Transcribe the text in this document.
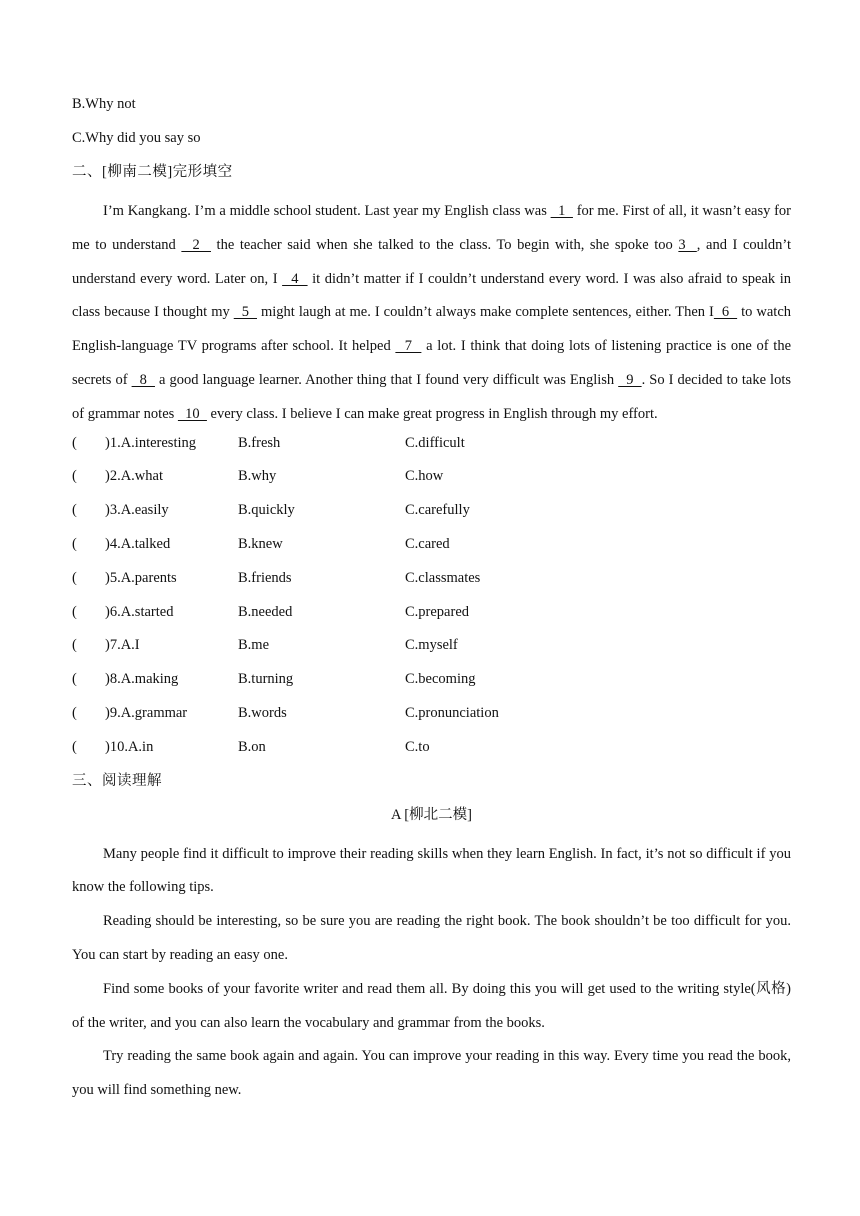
B.Why not
C.Why did you say so
二、[柳南二模]完形填空

I’m Kangkang. I’m a middle school student. Last year my English class was   1   for me. First of all, it wasn’t easy for me to understand   2   the teacher said when she talked to the class. To begin with, she spoke too 3  , and I couldn’t understand every word. Later on, I   4   it didn’t matter if I couldn’t understand every word. I was also afraid to speak in class because I thought my   5   might laugh at me. I couldn’t always make complete sentences, either. Then I  6   to watch English-language TV programs after school. It helped   7   a lot. I think that doing lots of listening practice is one of the secrets of   8   a good language learner. Another thing that I found very difficult was English   9  . So I decided to take lots of grammar notes   10   every class. I believe I can make great progress in English through my effort.

( )1.A.interesting	B.fresh	C.difficult
( )2.A.what	B.why	C.how
( )3.A.easily	B.quickly	C.carefully
( )4.A.talked	B.knew	C.cared
( )5.A.parents	B.friends	C.classmates
( )6.A.started	B.needed	C.prepared
( )7.A.I	B.me	C.myself
( )8.A.making	B.turning	C.becoming
( )9.A.grammar	B.words	C.pronunciation
( )10.A.in	B.on	C.to
三、阅读理解
A [柳北二模]

Many people find it difficult to improve their reading skills when they learn English. In fact, it’s not so difficult if you know the following tips.

Reading should be interesting, so be sure you are reading the right book. The book shouldn’t be too difficult for you. You can start by reading an easy one.

Find some books of your favorite writer and read them all. By doing this you will get used to the writing style(风格) of the writer, and you can also learn the vocabulary and grammar from the books.

Try reading the same book again and again. You can improve your reading in this way. Every time you read the book, you will find something new.
